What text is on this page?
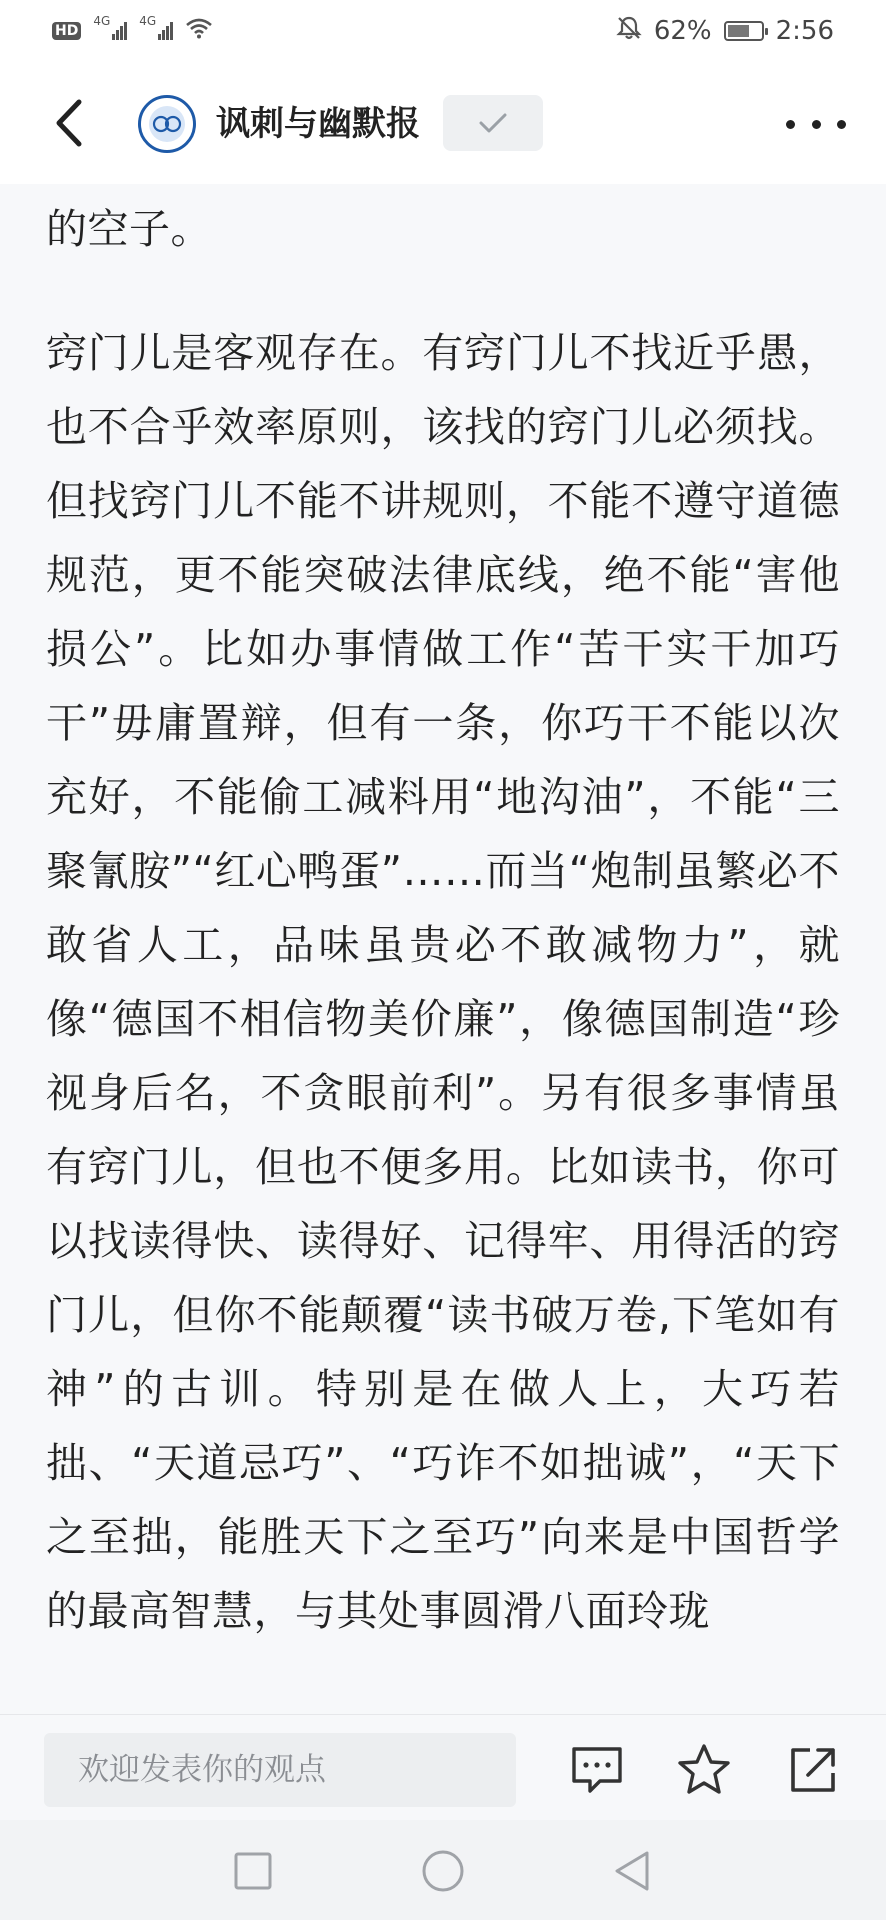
HD
4G 4G	62% 2:56
讽刺与幽默报

的空子。

窍门儿是客观存在。有窍门儿不找近乎愚，也不合乎效率原则，该找的窍门儿必须找。但找窍门儿不能不讲规则，不能不遵守道德规范，更不能突破法律底线，绝不能“害他损公”。比如办事情做工作“苦干实干加巧干”毋庸置辩，但有一条，你巧干不能以次充好，不能偷工减料用“地沟油”，不能“三聚氰胺”“红心鸭蛋”……而当“炮制虽繁必不敢省人工，品味虽贵必不敢减物力”，就像“德国不相信物美价廉”，像德国制造“珍视身后名，不贪眼前利”。另有很多事情虽有窍门儿，但也不便多用。比如读书，你可以找读得快、读得好、记得牢、用得活的窍门儿，但你不能颠覆“读书破万卷,下笔如有神”的古训。特别是在做人上，大巧若拙、“天道忌巧”、“巧诈不如拙诚”，“天下之至拙，能胜天下之至巧”向来是中国哲学的最高智慧，与其处事圆滑八面玲珑

欢迎发表你的观点
